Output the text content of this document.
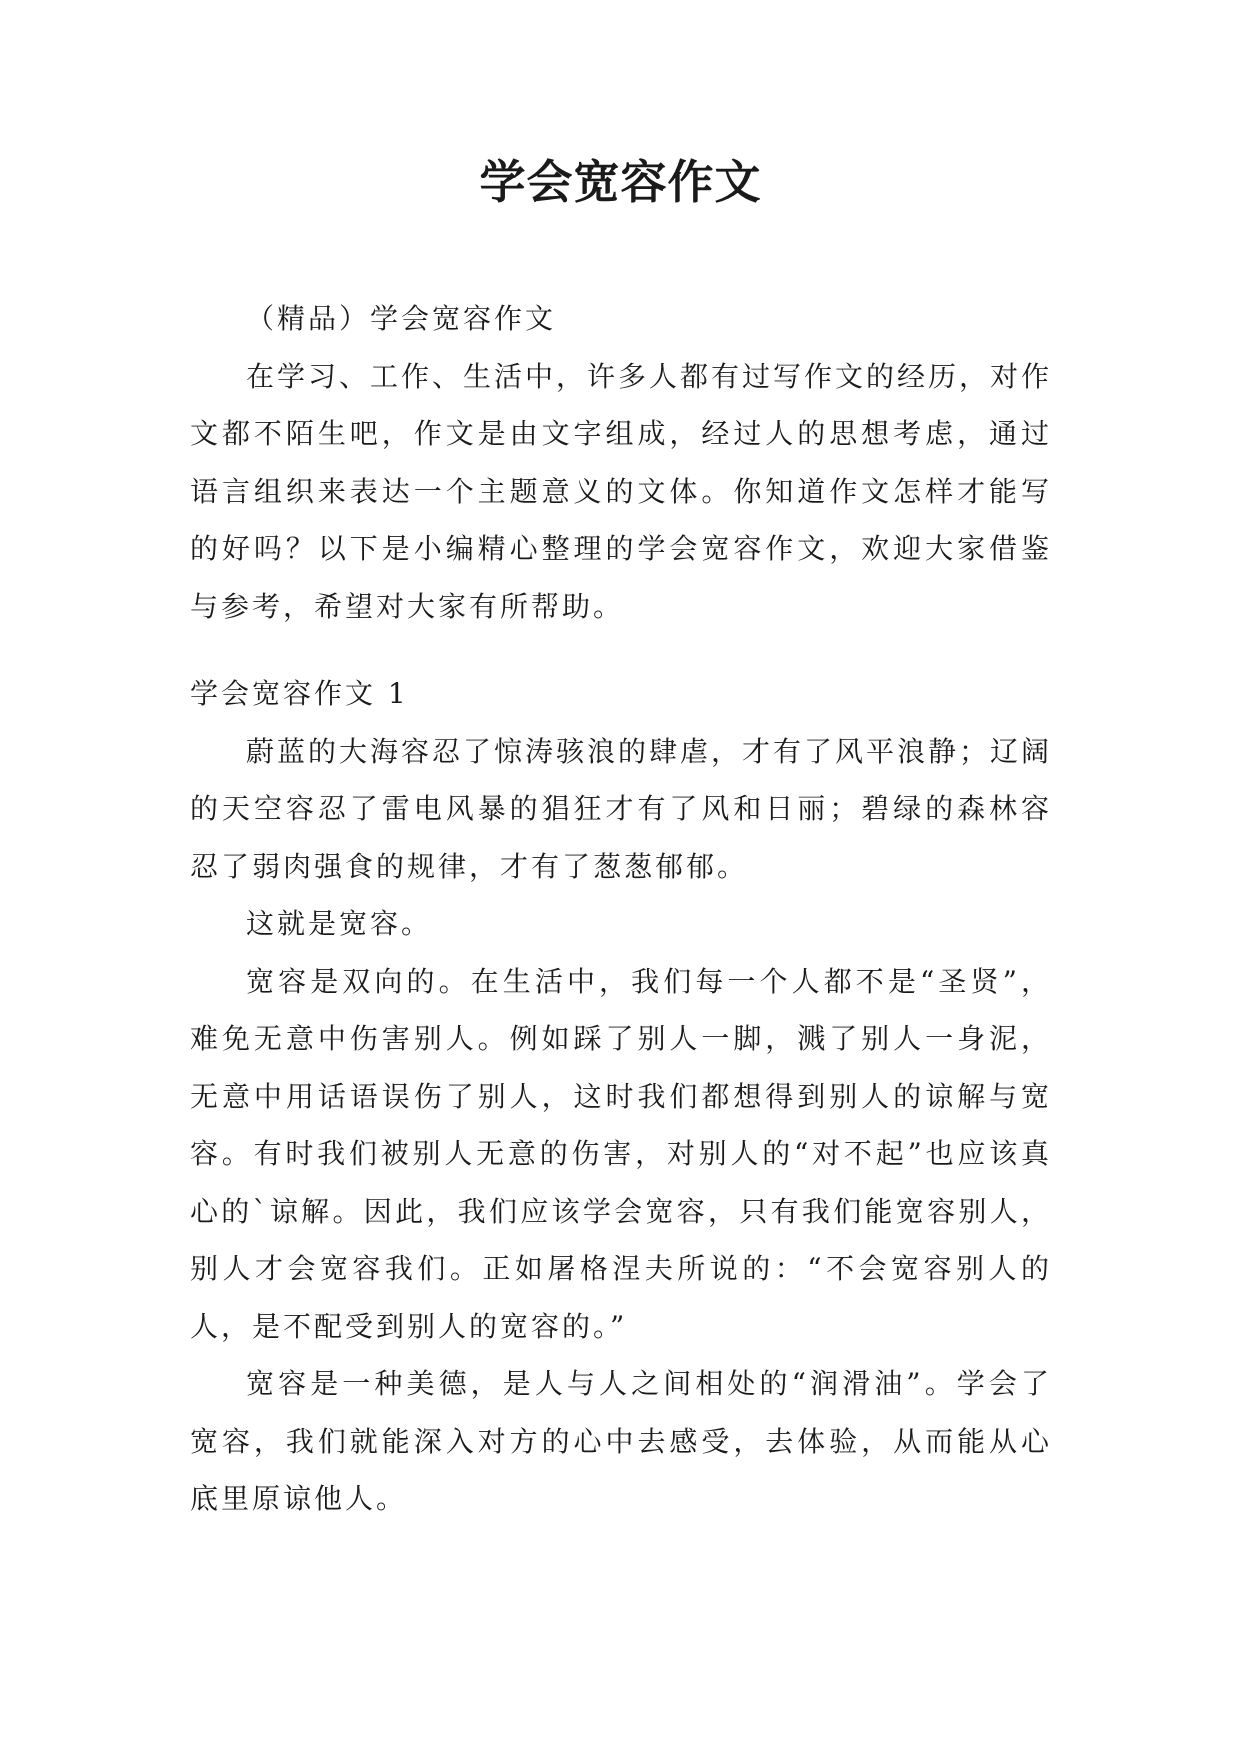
学会宽容作文

（精品）学会宽容作文

在学习、工作、生活中，许多人都有过写作文的经历，对作文都不陌生吧，作文是由文字组成，经过人的思想考虑，通过语言组织来表达一个主题意义的文体。你知道作文怎样才能写的好吗？以下是小编精心整理的学会宽容作文，欢迎大家借鉴与参考，希望对大家有所帮助。

学会宽容作文 1

蔚蓝的大海容忍了惊涛骇浪的肆虐，才有了风平浪静；辽阔的天空容忍了雷电风暴的猖狂才有了风和日丽；碧绿的森林容忍了弱肉强食的规律，才有了葱葱郁郁。

这就是宽容。

宽容是双向的。在生活中，我们每一个人都不是“圣贤”，难免无意中伤害别人。例如踩了别人一脚，溅了别人一身泥，无意中用话语误伤了别人，这时我们都想得到别人的谅解与宽容。有时我们被别人无意的伤害，对别人的“对不起”也应该真心的`谅解。因此，我们应该学会宽容，只有我们能宽容别人，别人才会宽容我们。正如屠格涅夫所说的：“不会宽容别人的人，是不配受到别人的宽容的。”

宽容是一种美德，是人与人之间相处的“润滑油”。学会了宽容，我们就能深入对方的心中去感受，去体验，从而能从心底里原谅他人。
